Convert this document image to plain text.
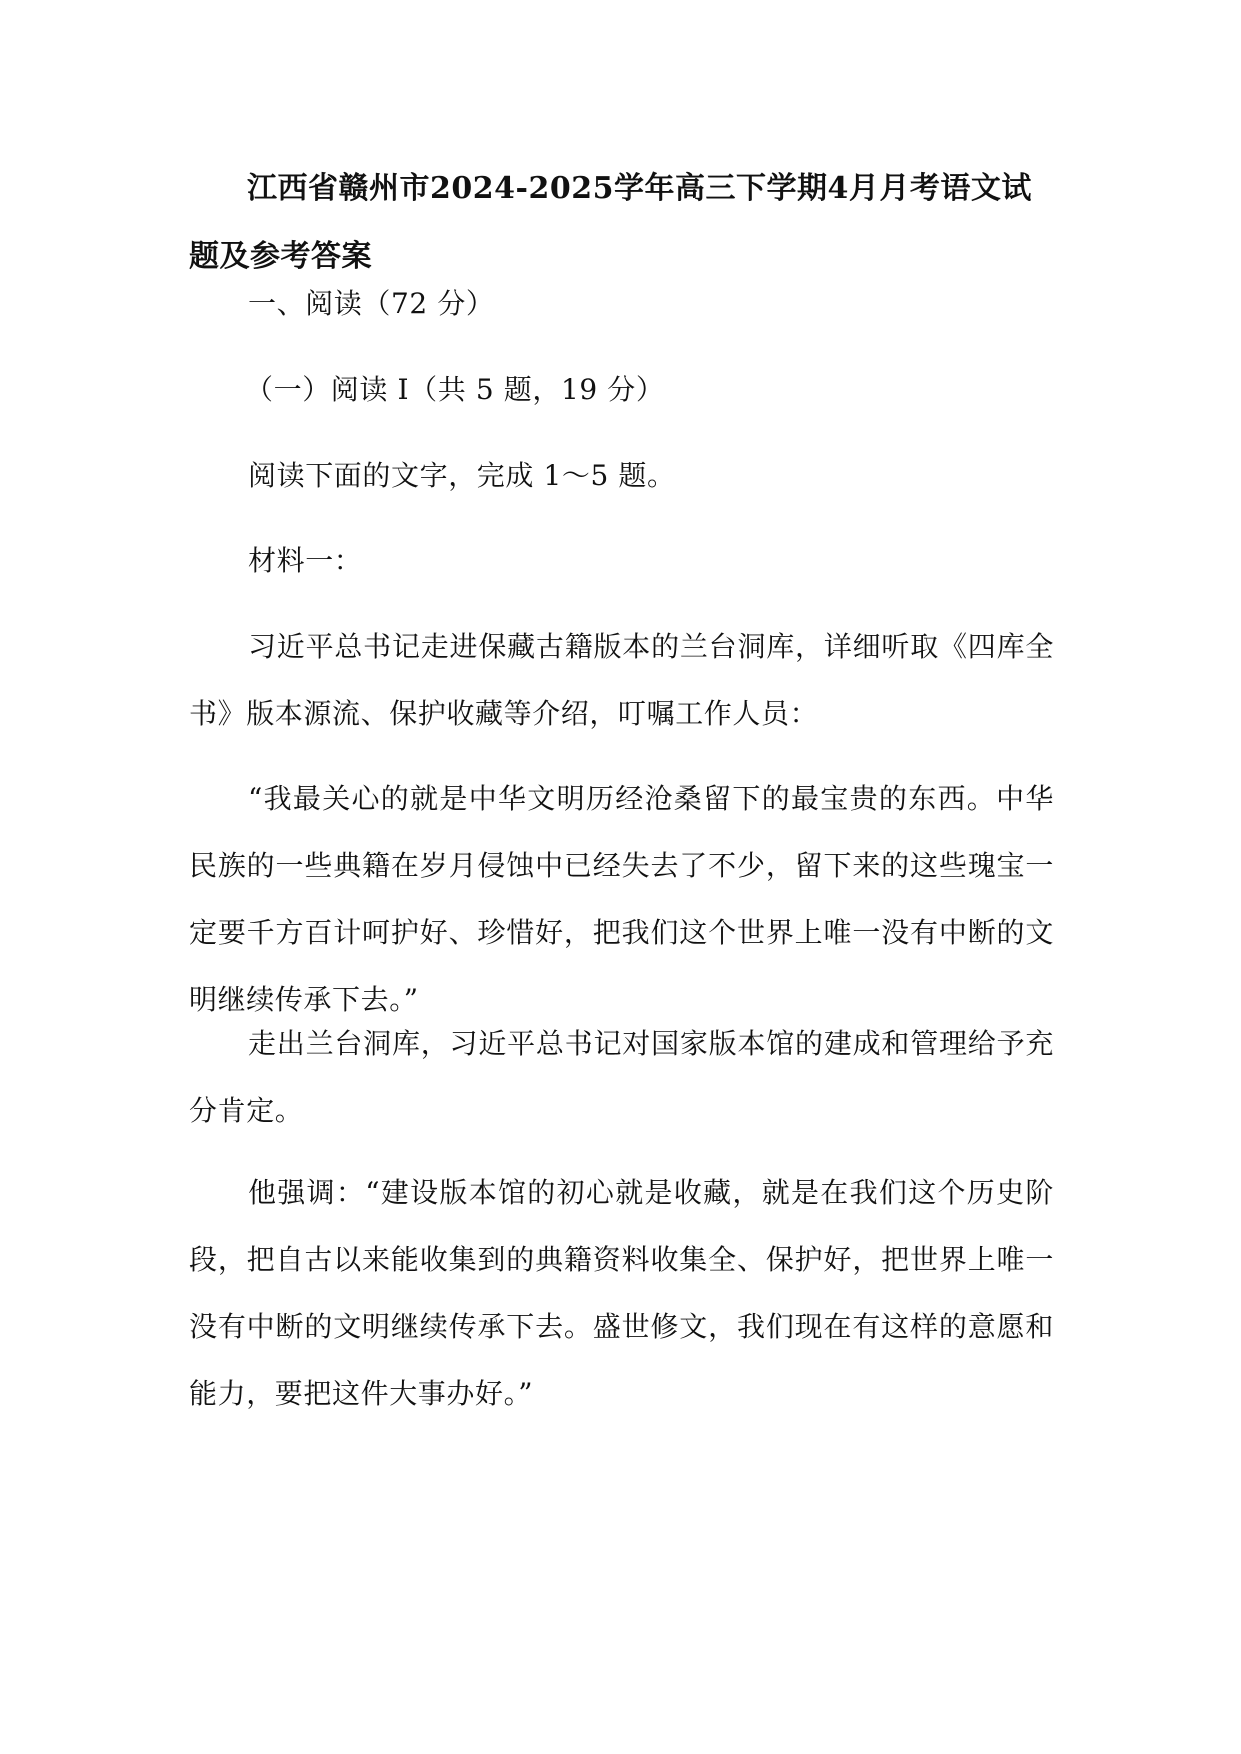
江西省赣州市2024-2025学年高三下学期4月月考语文试题及参考答案

一、阅读（72 分）

（一）阅读 I（共 5 题，19 分）

阅读下面的文字，完成 1～5 题。

材料一：

习近平总书记走进保藏古籍版本的兰台洞库，详细听取《四库全书》版本源流、保护收藏等介绍，叮嘱工作人员：

“我最关心的就是中华文明历经沧桑留下的最宝贵的东西。中华民族的一些典籍在岁月侵蚀中已经失去了不少，留下来的这些瑰宝一定要千方百计呵护好、珍惜好，把我们这个世界上唯一没有中断的文明继续传承下去。”

走出兰台洞库，习近平总书记对国家版本馆的建成和管理给予充分肯定。

他强调：“建设版本馆的初心就是收藏，就是在我们这个历史阶段，把自古以来能收集到的典籍资料收集全、保护好，把世界上唯一没有中断的文明继续传承下去。盛世修文，我们现在有这样的意愿和能力，要把这件大事办好。”
